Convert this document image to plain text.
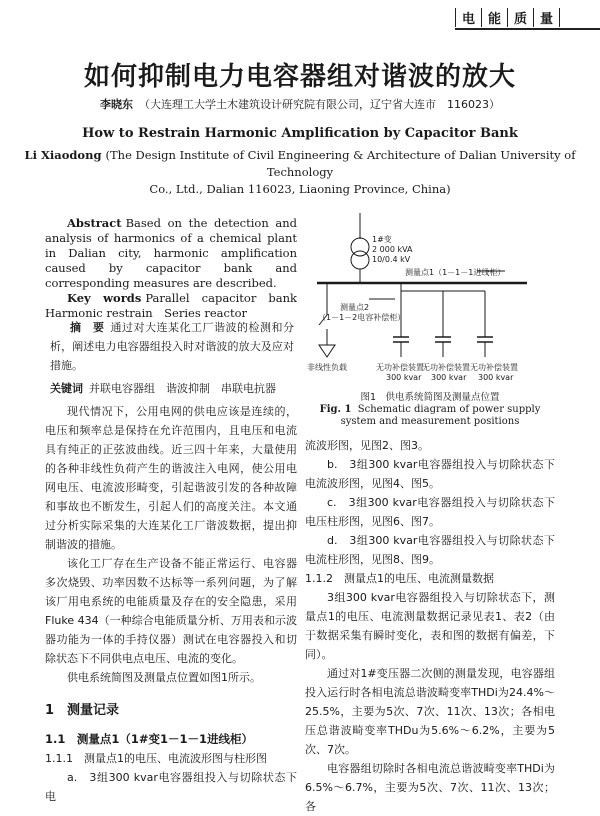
电	能	质	量
如何抑制电力电容器组对谐波的放大
李晓东 （大连理工大学土木建筑设计研究院有限公司，辽宁省大连市　116023）
How to Restrain Harmonic Amplification by Capacitor Bank
Li Xiaodong (The Design Institute of Civil Engineering & Architecture of Dalian University of Technology
Co., Ltd., Dalian 116023, Liaoning Province, China)
Abstract Based on the detection and analysis of harmonics of a chemical plant in Dalian city, harmonic amplification caused by capacitor bank and corresponding measures are described.
Key words Parallel capacitor bank　Harmonic restrain　Series reactor
摘　要 通过对大连某化工厂谐波的检测和分析，阐述电力电容器组投入时对谐波的放大及应对措施。
关键词 并联电容器组　谐波抑制　串联电抗器

现代情况下，公用电网的供电应该是连续的，电压和频率总是保持在允许范围内，且电压和电流具有纯正的正弦波曲线。近三四十年来，大量使用的各种非线性负荷产生的谐波注入电网，使公用电网电压、电流波形畸变，引起谐波引发的各种故障和事故也不断发生，引起人们的高度关注。本文通过分析实际采集的大连某化工厂谐波数据，提出抑制谐波的措施。

该化工厂存在生产设备不能正常运行、电容器多次烧毁、功率因数不达标等一系列问题，为了解该厂用电系统的电能质量及存在的安全隐患，采用Fluke 434（一种综合电能质量分析、万用表和示波器功能为一体的手持仪器）测试在电容器投入和切除状态下不同供电点电压、电流的变化。

供电系统简图及测量点位置如图1所示。

1　测量记录
1.1　测量点1（1#变1－1－1进线柜）
1.1.1　测量点1的电压、电流波形图与柱形图

a.　3组300 kvar电容器组投入与切除状态下电

1#变
2 000 kVA
10/0.4 kV
测量点1（1－1－1进线柜）
测量点2
（1－1－2电容补偿柜）
非线性负载	无功补偿装置
300 kvar
无功补偿装置
300 kvar
无功补偿装置
300 kvar
图1　供电系统简图及测量点位置
Fig. 1 Schematic diagram of power supply system and measurement positions

流波形图，见图2、图3。

b.　3组300 kvar电容器组投入与切除状态下电流波形图，见图4、图5。

c.　3组300 kvar电容器组投入与切除状态下电压柱形图，见图6、图7。

d.　3组300 kvar电容器组投入与切除状态下电流柱形图，见图8、图9。

1.1.2　测量点1的电压、电流测量数据

3组300 kvar电容器组投入与切除状态下，测量点1的电压、电流测量数据记录见表1、表2（由于数据采集有瞬时变化，表和图的数据有偏差，下同）。

通过对1#变压器二次侧的测量发现，电容器组投入运行时各相电流总谐波畸变率THDi为24.4%～25.5%，主要为5次、7次、11次、13次；各相电压总谐波畸变率THDu为5.6%～6.2%，主要为5次、7次。

电容器组切除时各相电流总谐波畸变率THDi为6.5%～6.7%，主要为5次、7次、11次、13次；各
